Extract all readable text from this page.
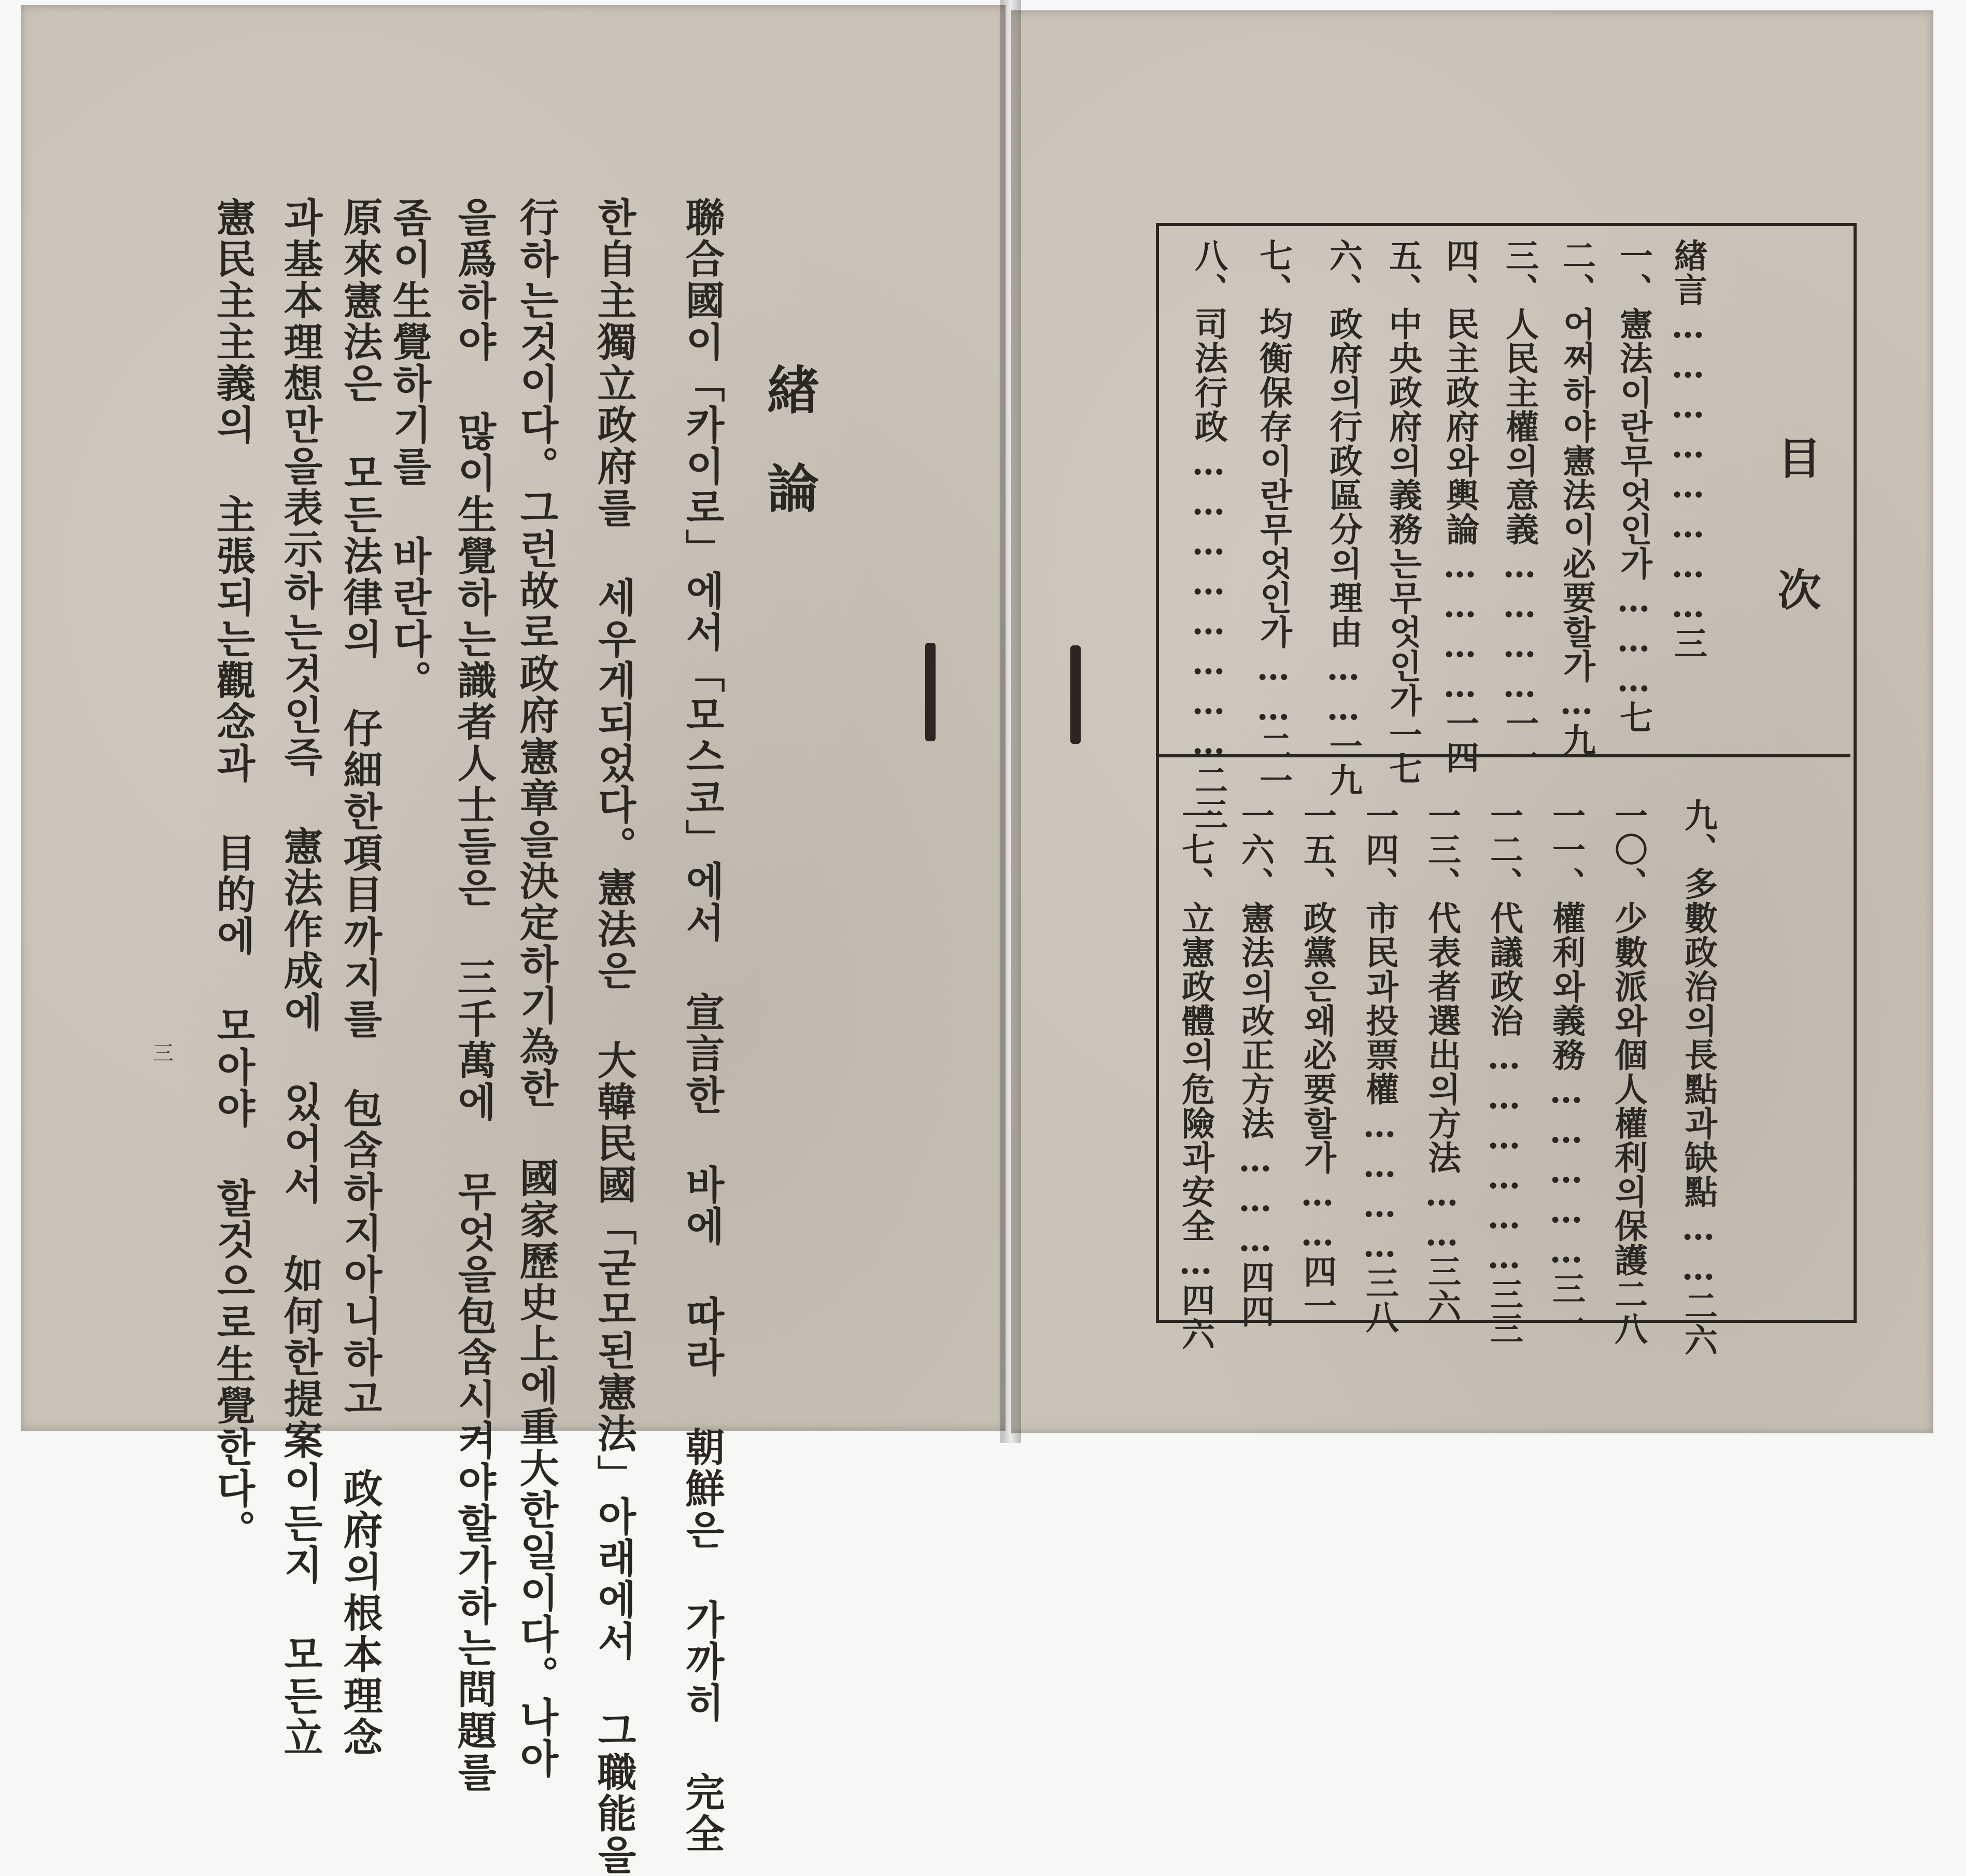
緖論
聯合國이「카이로」에서「모스코」에서 宣言한 바에 따라 朝鮮은 가까히 完全
한自主獨立政府를 세우게되었다。憲法은 大韓民國「굳모된憲法」아래에서 그職能을
行하는것이다。그런故로政府憲章을決定하기為한 國家歷史上에重大한일이다。나아
을爲하야 많이生覺하는識者人士들은 三千萬에 무엇을包含시켜야할가하는問題를
좀이生覺하기를 바란다。
原來憲法은 모든法律의 仔細한項目까지를 包含하지아니하고 政府의根本理念
과基本理想만을表示하는것인즉 憲法作成에 있어서 如何한提案이든지 모든立
憲民主主義의 主張되는觀念과 目的에 모아야 할것으로生覺한다。
三
目次
緖言……………………三
一、憲法이란무엇인가………七
二、어쩌하야憲法이必要할가…九
三、人民主權의意義…………一一
四、民主政府와輿論…………一四
五、中央政府의義務는무엇인가一七
六、政府의行政區分의理由……一九
七、均衡保存이란무엇인가……二一
八、司法行政……………………二三
九、多數政治의長點과缺點……二六
一〇、少數派와個人權利의保護二八
一一、權利와義務……………三一
一二、代議政治………………三三
一三、代表者選出의方法……三六
一四、市民과投票權…………三八
一五、政黨은왜必要할가……四一
一六、憲法의改正方法………四四
一七、立憲政體의危險과安全…四六
